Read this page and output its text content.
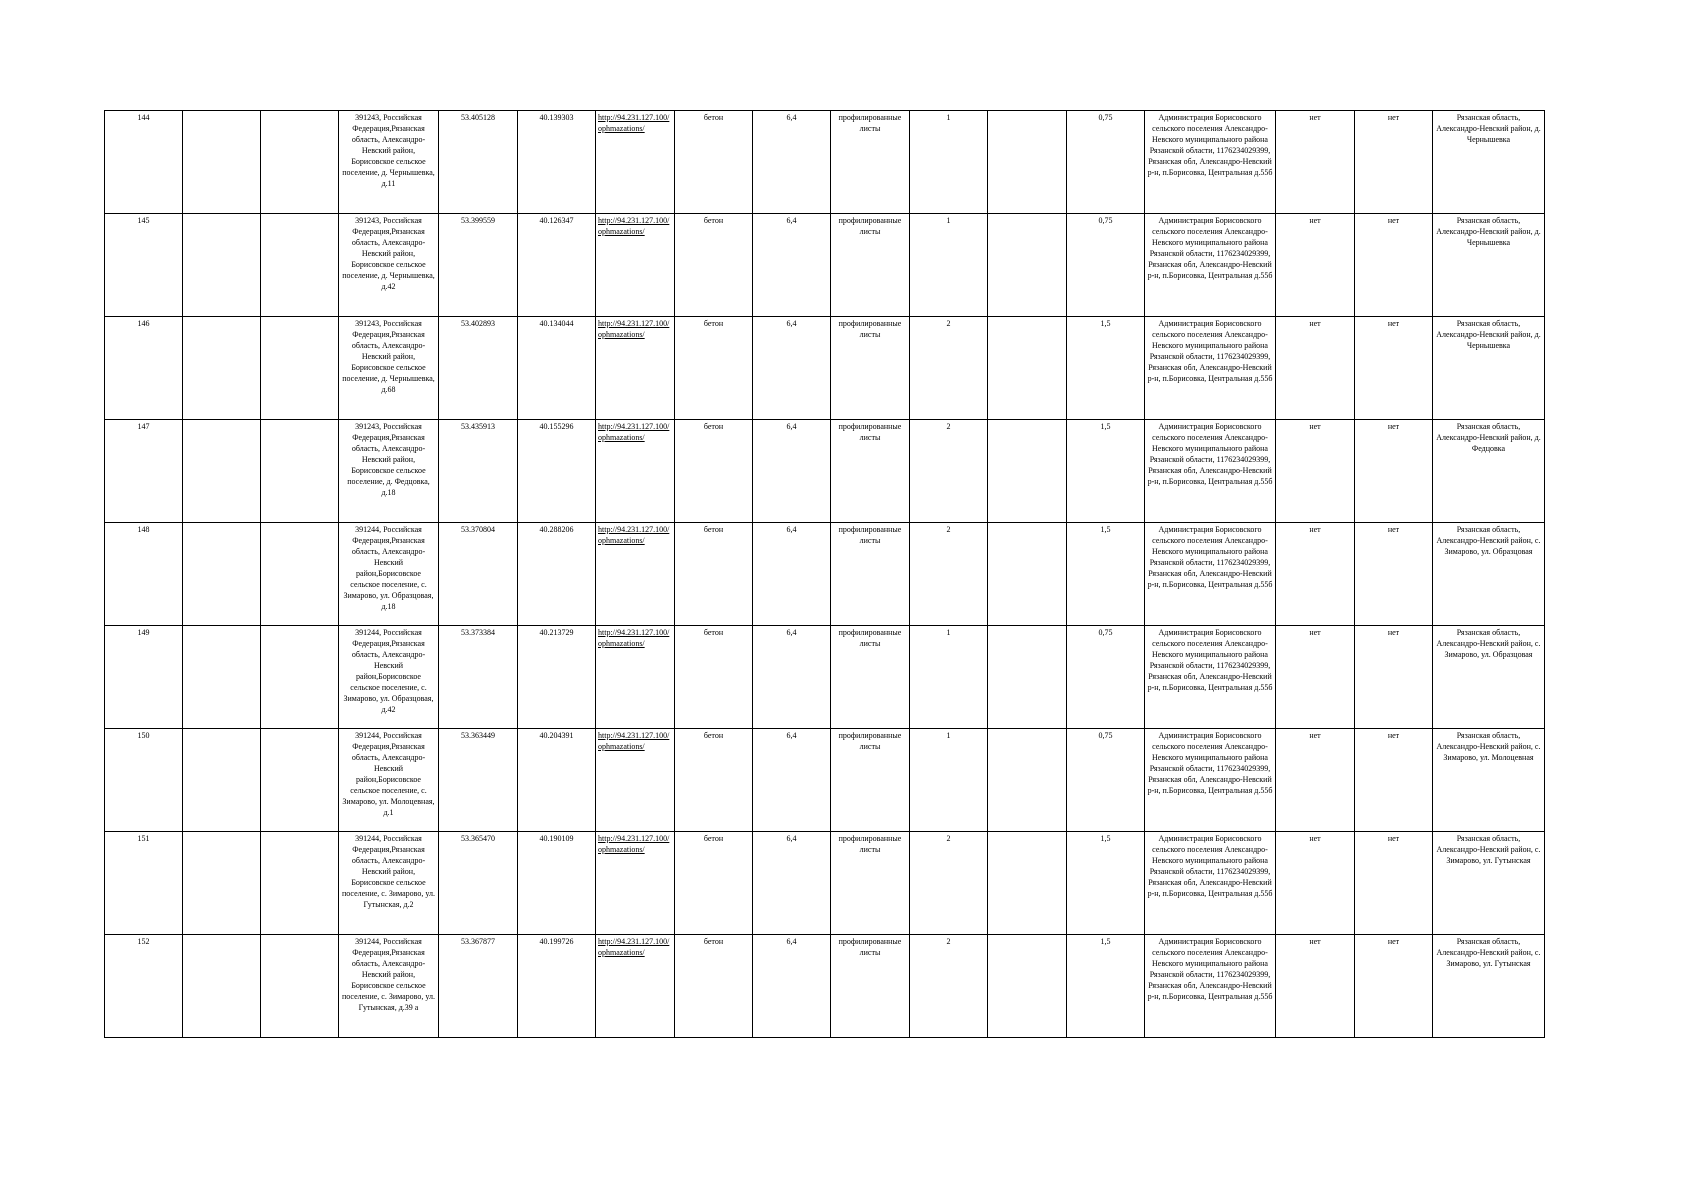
144			391243, Российская Федерация,Рязанская область, Александро-Невский район, Борисовское сельское поселение, д. Чернышевка, д.11	53.405128	40.139303	http://94.231.127.100/ophmazations/	бетон	6,4	профилированные листы	1		0,75	Администрация Борисовского сельского поселения Александро-Невского муниципального района Рязанской области, 1176234029399, Рязанская обл, Александро-Невский р-н, п.Борисовка, Центральная д.55б	нет	нет	Рязанская область, Александро-Невский район, д. Чернышевка
145			391243, Российская Федерация,Рязанская область, Александро-Невский район, Борисовское сельское поселение, д. Чернышевка, д.42	53.399559	40.126347	http://94.231.127.100/ophmazations/	бетон	6,4	профилированные листы	1		0,75	Администрация Борисовского сельского поселения Александро-Невского муниципального района Рязанской области, 1176234029399, Рязанская обл, Александро-Невский р-н, п.Борисовка, Центральная д.55б	нет	нет	Рязанская область, Александро-Невский район, д. Чернышевка
146			391243, Российская Федерация,Рязанская область, Александро-Невский район, Борисовское сельское поселение, д. Чернышевка, д.68	53.402893	40.134044	http://94.231.127.100/ophmazations/	бетон	6,4	профилированные листы	2		1,5	Администрация Борисовского сельского поселения Александро-Невского муниципального района Рязанской области, 1176234029399, Рязанская обл, Александро-Невский р-н, п.Борисовка, Центральная д.55б	нет	нет	Рязанская область, Александро-Невский район, д. Чернышевка
147			391243, Российская Федерация,Рязанская область, Александро-Невский район, Борисовское сельское поселение, д. Федцовка, д.18	53.435913	40.155296	http://94.231.127.100/ophmazations/	бетон	6,4	профилированные листы	2		1,5	Администрация Борисовского сельского поселения Александро-Невского муниципального района Рязанской области, 1176234029399, Рязанская обл, Александро-Невский р-н, п.Борисовка, Центральная д.55б	нет	нет	Рязанская область, Александро-Невский район, д. Федцовка
148			391244, Российская Федерация,Рязанская область, Александро-Невский район,Борисовское сельское поселение, с. Зимарово, ул. Образцовая, д.18	53.370804	40.288206	http://94.231.127.100/ophmazations/	бетон	6,4	профилированные листы	2		1,5	Администрация Борисовского сельского поселения Александро-Невского муниципального района Рязанской области, 1176234029399, Рязанская обл, Александро-Невский р-н, п.Борисовка, Центральная д.55б	нет	нет	Рязанская область, Александро-Невский район, с. Зимарово, ул. Образцовая
149			391244, Российская Федерация,Рязанская область, Александро-Невский район,Борисовское сельское поселение, с. Зимарово, ул. Образцовая, д.42	53.373384	40.213729	http://94.231.127.100/ophmazations/	бетон	6,4	профилированные листы	1		0,75	Администрация Борисовского сельского поселения Александро-Невского муниципального района Рязанской области, 1176234029399, Рязанская обл, Александро-Невский р-н, п.Борисовка, Центральная д.55б	нет	нет	Рязанская область, Александро-Невский район, с. Зимарово, ул. Образцовая
150			391244, Российская Федерация,Рязанская область, Александро-Невский район,Борисовское сельское поселение, с. Зимарово, ул. Молоцевная, д.1	53.363449	40.204391	http://94.231.127.100/ophmazations/	бетон	6,4	профилированные листы	1		0,75	Администрация Борисовского сельского поселения Александро-Невского муниципального района Рязанской области, 1176234029399, Рязанская обл, Александро-Невский р-н, п.Борисовка, Центральная д.55б	нет	нет	Рязанская область, Александро-Невский район, с. Зимарово, ул. Молоцевная
151			391244, Российская Федерация,Рязанская область, Александро-Невский район, Борисовское сельское поселение, с. Зимарово, ул. Гутынская, д.2	53.365470	40.190109	http://94.231.127.100/ophmazations/	бетон	6,4	профилированные листы	2		1,5	Администрация Борисовского сельского поселения Александро-Невского муниципального района Рязанской области, 1176234029399, Рязанская обл, Александро-Невский р-н, п.Борисовка, Центральная д.55б	нет	нет	Рязанская область, Александро-Невский район, с. Зимарово, ул. Гутынская
152			391244, Российская Федерация,Рязанская область, Александро-Невский район, Борисовское сельское поселение, с. Зимарово, ул. Гутынская, д.39 а	53.367877	40.199726	http://94.231.127.100/ophmazations/	бетон	6,4	профилированные листы	2		1,5	Администрация Борисовского сельского поселения Александро-Невского муниципального района Рязанской области, 1176234029399, Рязанская обл, Александро-Невский р-н, п.Борисовка, Центральная д.55б	нет	нет	Рязанская область, Александро-Невский район, с. Зимарово, ул. Гутынская
